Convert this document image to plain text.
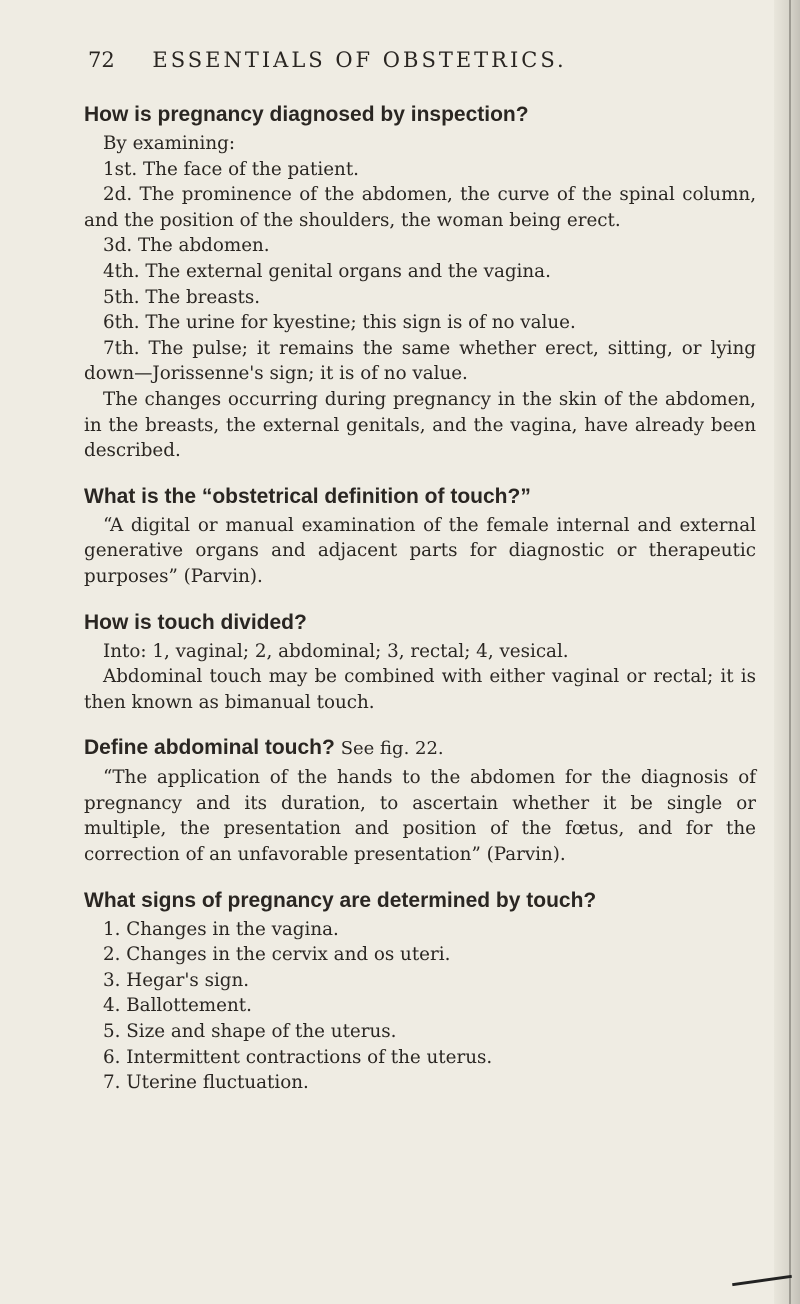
72 ESSENTIALS OF OBSTETRICS.
How is pregnancy diagnosed by inspection?

By examining:

1st. The face of the patient.

2d. The prominence of the abdomen, the curve of the spinal column, and the position of the shoulders, the woman being erect.

3d. The abdomen.

4th. The external genital organs and the vagina.

5th. The breasts.

6th. The urine for kyestine; this sign is of no value.

7th. The pulse; it remains the same whether erect, sitting, or lying down—Jorissenne's sign; it is of no value.

The changes occurring during pregnancy in the skin of the abdomen, in the breasts, the external genitals, and the vagina, have already been described.

What is the “obstetrical definition of touch?”

“A digital or manual examination of the female internal and external generative organs and adjacent parts for diagnostic or therapeutic purposes” (Parvin).

How is touch divided?

Into: 1, vaginal; 2, abdominal; 3, rectal; 4, vesical.

Abdominal touch may be combined with either vaginal or rectal; it is then known as bimanual touch.

Define abdominal touch? See fig. 22.

“The application of the hands to the abdomen for the diagnosis of pregnancy and its duration, to ascertain whether it be single or multiple, the presentation and position of the fœtus, and for the correction of an unfavorable presentation” (Parvin).

What signs of pregnancy are determined by touch?

1. Changes in the vagina.

2. Changes in the cervix and os uteri.

3. Hegar's sign.

4. Ballottement.

5. Size and shape of the uterus.

6. Intermittent contractions of the uterus.

7. Uterine fluctuation.
